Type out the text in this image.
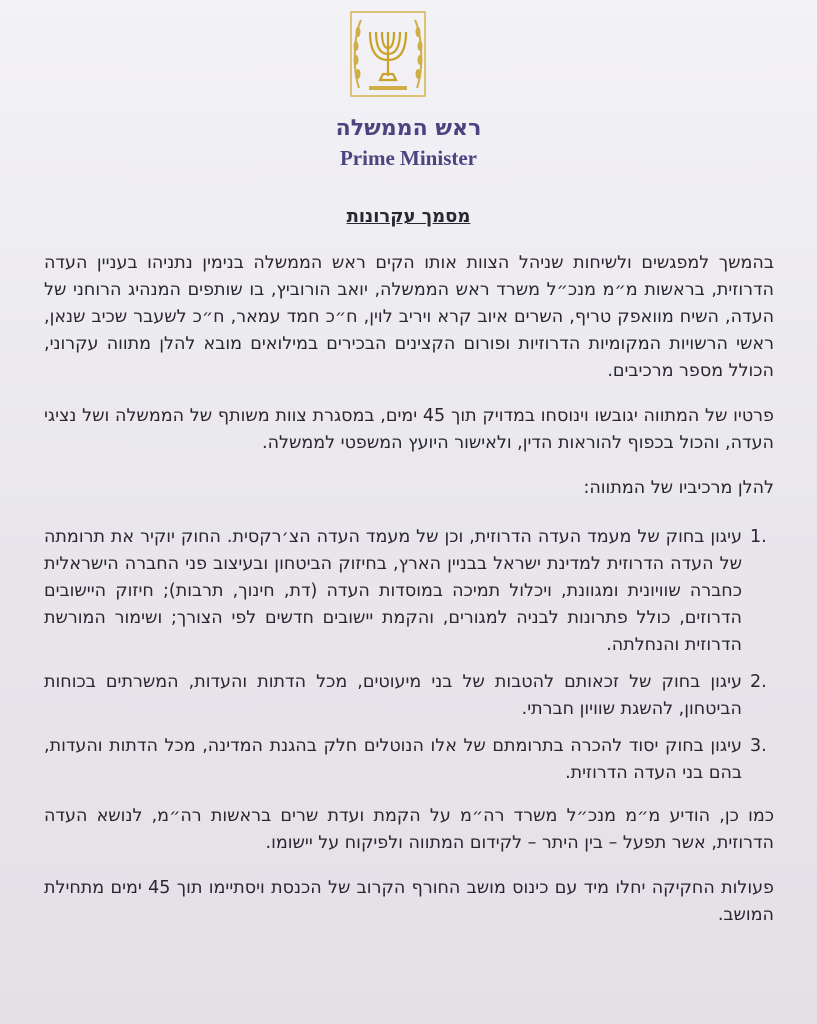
ראש הממשלה
Prime Minister
מסמך עקרונות

בהמשך למפגשים ולשיחות שניהל הצוות אותו הקים ראש הממשלה בנימין נתניהו בעניין העדה הדרוזית, בראשות מ״מ מנכ״ל משרד ראש הממשלה, יואב הורוביץ, בו שותפים המנהיג הרוחני של העדה, השיח מוואפק טריף, השרים איוב קרא ויריב לוין, ח״כ חמד עמאר, ח״כ לשעבר שכיב שנאן, ראשי הרשויות המקומיות הדרוזיות ופורום הקצינים הבכירים במילואים מובא להלן מתווה עקרוני, הכולל מספר מרכיבים.

פרטיו של המתווה יגובשו וינוסחו במדויק תוך 45 ימים, במסגרת צוות משותף של הממשלה ושל נציגי העדה, והכול בכפוף להוראות הדין, ולאישור היועץ המשפטי לממשלה.

להלן מרכיביו של המתווה:

.1
עיגון בחוק של מעמד העדה הדרוזית, וכן של מעמד העדה הצ׳רקסית. החוק יוקיר את תרומתה של העדה הדרוזית למדינת ישראל בבניין הארץ, בחיזוק הביטחון ובעיצוב פני החברה הישראלית כחברה שוויונית ומגוונת, ויכלול תמיכה במוסדות העדה (דת, חינוך, תרבות); חיזוק היישובים הדרוזים, כולל פתרונות לבניה למגורים, והקמת יישובים חדשים לפי הצורך; ושימור המורשת הדרוזית והנחלתה.
.2
עיגון בחוק של זכאותם להטבות של בני מיעוטים, מכל הדתות והעדות, המשרתים בכוחות הביטחון, להשגת שוויון חברתי.
.3
עיגון בחוק יסוד להכרה בתרומתם של אלו הנוטלים חלק בהגנת המדינה, מכל הדתות והעדות, בהם בני העדה הדרוזית.

כמו כן, הודיע מ״מ מנכ״ל משרד רה״מ על הקמת ועדת שרים בראשות רה״מ, לנושא העדה הדרוזית, אשר תפעל – בין היתר – לקידום המתווה ולפיקוח על יישומו.

פעולות החקיקה יחלו מיד עם כינוס מושב החורף הקרוב של הכנסת ויסתיימו תוך 45 ימים מתחילת המושב.
